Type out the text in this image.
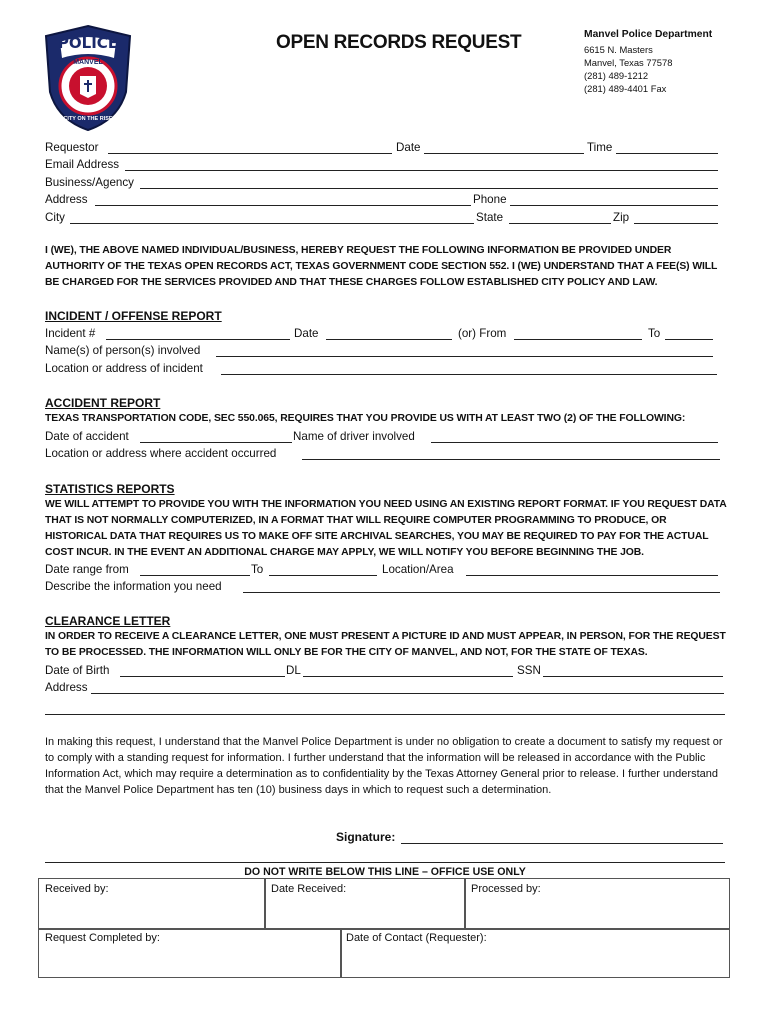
POLICE
MANVEL
CITY ON THE RISE
OPEN RECORDS REQUEST	Manvel Police Department
6615 N. Masters
Manvel, Texas 77578
(281) 489-1212
(281) 489-4401 Fax
Requestor	Date	Time
Email Address
Business/Agency
Address	Phone
City	State	Zip
I (WE), THE ABOVE NAMED INDIVIDUAL/BUSINESS, HEREBY REQUEST THE FOLLOWING INFORMATION BE PROVIDED UNDER AUTHORITY OF THE TEXAS OPEN RECORDS ACT, TEXAS GOVERNMENT CODE SECTION 552. I (WE) UNDERSTAND THAT A FEE(S) WILL BE CHARGED FOR THE SERVICES PROVIDED AND THAT THESE CHARGES FOLLOW ESTABLISHED CITY POLICY AND LAW.
INCIDENT / OFFENSE REPORT
Incident #	Date	(or) From	To
Name(s) of person(s) involved
Location or address of incident
ACCIDENT REPORT
TEXAS TRANSPORTATION CODE, SEC 550.065, REQUIRES THAT YOU PROVIDE US WITH AT LEAST TWO (2) OF THE FOLLOWING:
Date of accident	Name of driver involved
Location or address where accident occurred
STATISTICS REPORTS
WE WILL ATTEMPT TO PROVIDE YOU WITH THE INFORMATION YOU NEED USING AN EXISTING REPORT FORMAT. IF YOU REQUEST DATA THAT IS NOT NORMALLY COMPUTERIZED, IN A FORMAT THAT WILL REQUIRE COMPUTER PROGRAMMING TO PRODUCE, OR HISTORICAL DATA THAT REQUIRES US TO MAKE OFF SITE ARCHIVAL SEARCHES, YOU MAY BE REQUIRED TO PAY FOR THE ACTUAL COST INCUR. IN THE EVENT AN ADDITIONAL CHARGE MAY APPLY, WE WILL NOTIFY YOU BEFORE BEGINNING THE JOB.
Date range from	To	Location/Area
Describe the information you need
CLEARANCE LETTER
IN ORDER TO RECEIVE A CLEARANCE LETTER, ONE MUST PRESENT A PICTURE ID AND MUST APPEAR, IN PERSON, FOR THE REQUEST TO BE PROCESSED. THE INFORMATION WILL ONLY BE FOR THE CITY OF MANVEL, AND NOT, FOR THE STATE OF TEXAS.
Date of Birth	DL	SSN
Address
In making this request, I understand that the Manvel Police Department is under no obligation to create a document to satisfy my request or to comply with a standing request for information. I further understand that the information will be released in accordance with the Public Information Act, which may require a determination as to confidentiality by the Texas Attorney General prior to release. I further understand that the Manvel Police Department has ten (10) business days in which to request such a determination.
Signature:
DO NOT WRITE BELOW THIS LINE – OFFICE USE ONLY
Received by:	Date Received:	Processed by:
Request Completed by:	Date of Contact (Requester):
